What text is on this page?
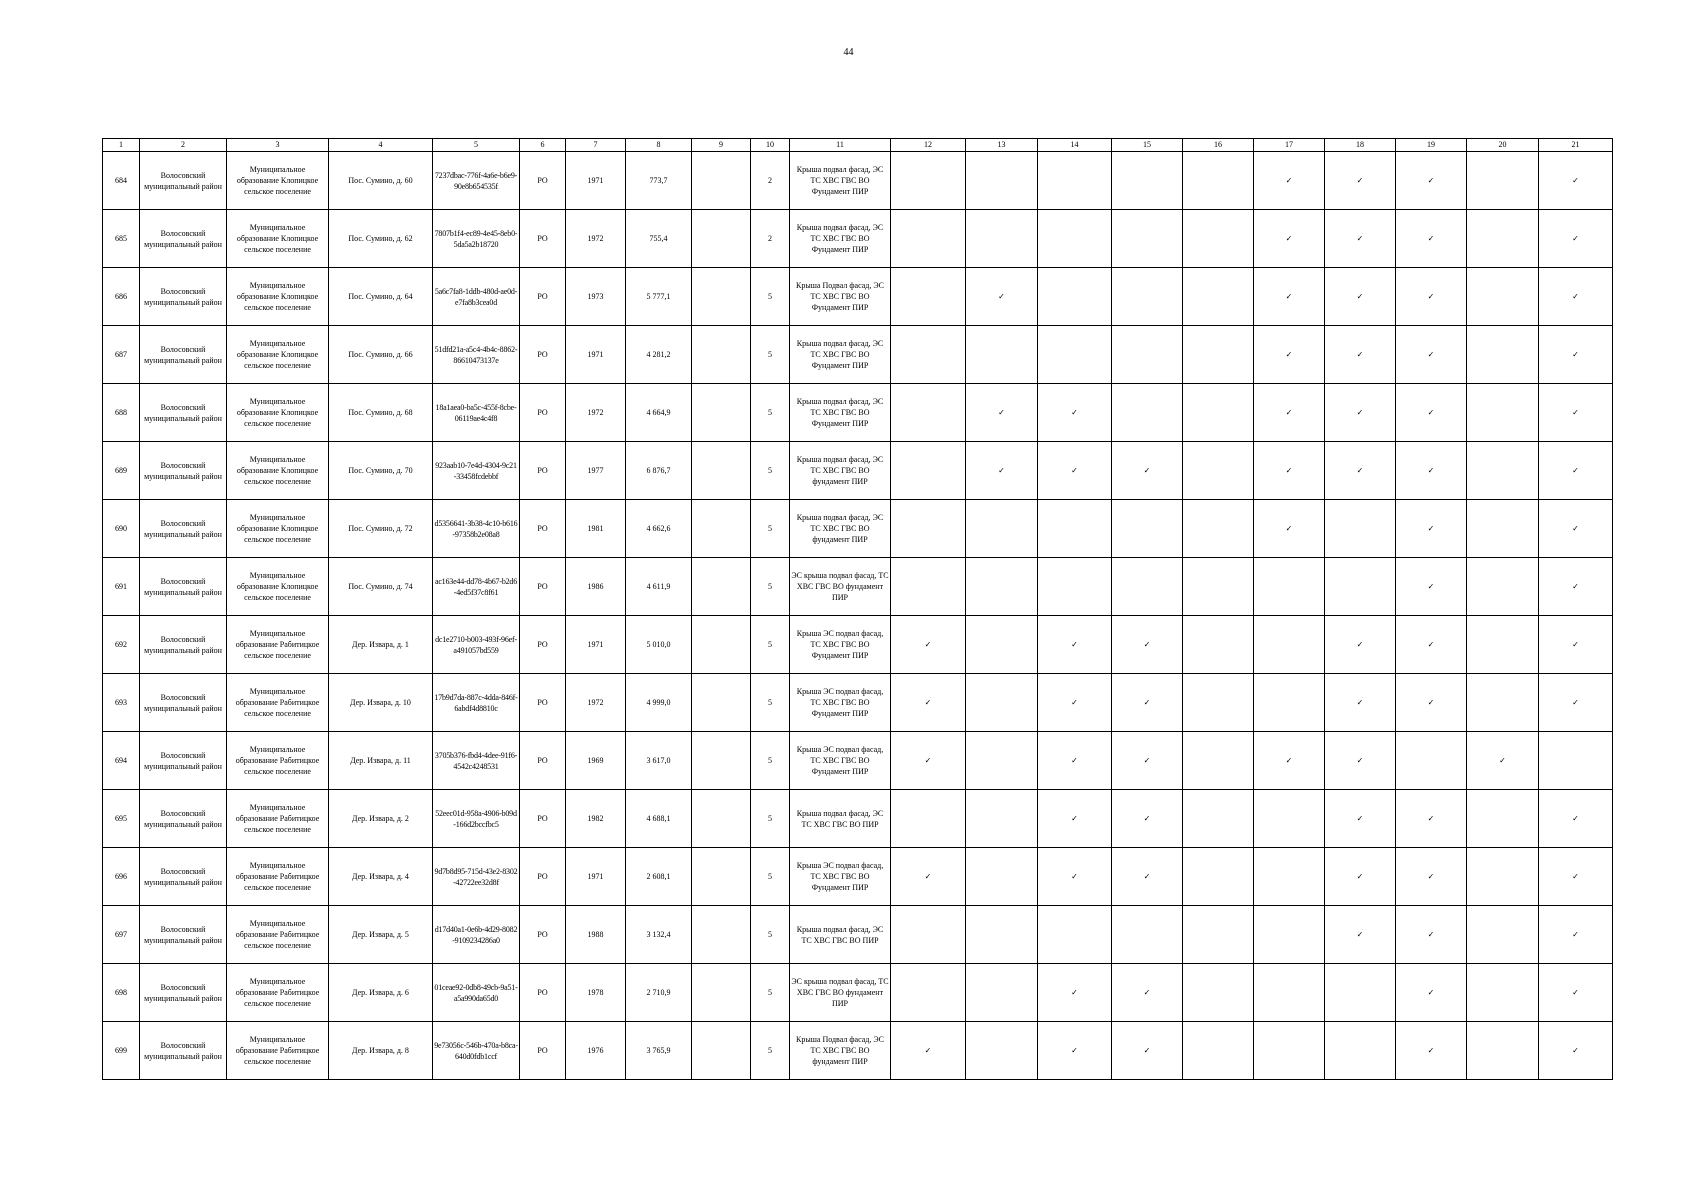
44
1	2	3	4	5	6	7	8	9	10	11	12	13	14	15	16	17	18	19	20	21
684	Волосовский муниципальный район	Муниципальное образование Клопицкое сельское поселение	Пос. Сумино, д. 60	7237dbac-776f-4a6e-b6e9-90e8b654535f	РО	1971	773,7		2	Крыша подвал фасад, ЭС ТС ХВС ГВС ВО Фундамент ПИР						✓	✓	✓		✓
685	Волосовский муниципальный район	Муниципальное образование Клопицкое сельское поселение	Пос. Сумино, д. 62	7807b1f4-ec89-4e45-8eb0-5da5a2b18720	РО	1972	755,4		2	Крыша подвал фасад, ЭС ТС ХВС ГВС ВО Фундамент ПИР						✓	✓	✓		✓
686	Волосовский муниципальный район	Муниципальное образование Клопицкое сельское поселение	Пос. Сумино, д. 64	5a6c7fa8-1ddb-480d-ae0d-e7fa8b3cea0d	РО	1973	5 777,1		5	Крыша Подвал фасад, ЭС ТС ХВС ГВС ВО Фундамент ПИР		✓				✓	✓	✓		✓
687	Волосовский муниципальный район	Муниципальное образование Клопицкое сельское поселение	Пос. Сумино, д. 66	51dfd21a-a5c4-4b4c-8862-86610473137e	РО	1971	4 281,2		5	Крыша подвал фасад, ЭС ТС ХВС ГВС ВО Фундамент ПИР						✓	✓	✓		✓
688	Волосовский муниципальный район	Муниципальное образование Клопицкое сельское поселение	Пос. Сумино, д. 68	18a1aea0-ba5c-455f-8cbe-06119ae4c4f8	РО	1972	4 664,9		5	Крыша подвал фасад, ЭС ТС ХВС ГВС ВО Фундамент ПИР		✓	✓			✓	✓	✓		✓
689	Волосовский муниципальный район	Муниципальное образование Клопицкое сельское поселение	Пос. Сумино, д. 70	923aab10-7e4d-4304-9c21-33458fcdebbf	РО	1977	6 876,7		5	Крыша подвал фасад, ЭС ТС ХВС ГВС ВО фундамент ПИР		✓	✓	✓		✓	✓	✓		✓
690	Волосовский муниципальный район	Муниципальное образование Клопицкое сельское поселение	Пос. Сумино, д. 72	d5356641-3b38-4c10-b616-97358b2e08a8	РО	1981	4 662,6		5	Крыша подвал фасад, ЭС ТС ХВС ГВС ВО фундамент ПИР						✓		✓		✓
691	Волосовский муниципальный район	Муниципальное образование Клопицкое сельское поселение	Пос. Сумино, д. 74	ac163e44-dd78-4b67-b2d6-4ed5f37c8f61	РО	1986	4 611,9		5	ЭС крыша подвал фасад, ТС ХВС ГВС ВО фундамент ПИР								✓		✓
692	Волосовский муниципальный район	Муниципальное образование Рабитицкое сельское поселение	Дер. Извара, д. 1	dc1e2710-b003-493f-96ef-a491057bd559	РО	1971	5 010,0		5	Крыша ЭС подвал фасад, ТС ХВС ГВС ВО Фундамент ПИР	✓		✓	✓			✓	✓		✓
693	Волосовский муниципальный район	Муниципальное образование Рабитицкое сельское поселение	Дер. Извара, д. 10	17b9d7da-887c-4dda-846f-6abdf4d8810c	РО	1972	4 999,0		5	Крыша ЭС подвал фасад, ТС ХВС ГВС ВО Фундамент ПИР	✓		✓	✓			✓	✓		✓
694	Волосовский муниципальный район	Муниципальное образование Рабитицкое сельское поселение	Дер. Извара, д. 11	3705b376-fbd4-4dee-91f6-4542c4248531	РО	1969	3 617,0		5	Крыша ЭС подвал фасад, ТС ХВС ГВС ВО Фундамент ПИР	✓		✓	✓		✓	✓		✓	
695	Волосовский муниципальный район	Муниципальное образование Рабитицкое сельское поселение	Дер. Извара, д. 2	52eec01d-958a-4906-b09d-166d2bccfbc5	РО	1982	4 688,1		5	Крыша подвал фасад, ЭС ТС ХВС ГВС ВО ПИР			✓	✓			✓	✓		✓
696	Волосовский муниципальный район	Муниципальное образование Рабитицкое сельское поселение	Дер. Извара, д. 4	9d7b8d95-715d-43e2-8302-42722ee32d8f	РО	1971	2 608,1		5	Крыша ЭС подвал фасад, ТС ХВС ГВС ВО Фундамент ПИР	✓		✓	✓			✓	✓		✓
697	Волосовский муниципальный район	Муниципальное образование Рабитицкое сельское поселение	Дер. Извара, д. 5	d17d40a1-0e6b-4d29-8082-9109234286a0	РО	1988	3 132,4		5	Крыша подвал фасад, ЭС ТС ХВС ГВС ВО ПИР							✓	✓		✓
698	Волосовский муниципальный район	Муниципальное образование Рабитицкое сельское поселение	Дер. Извара, д. 6	01ceae92-0db8-49cb-9a51-a5a990da65d0	РО	1978	2 710,9		5	ЭС крыша подвал фасад, ТС ХВС ГВС ВО фундамент ПИР			✓	✓				✓		✓
699	Волосовский муниципальный район	Муниципальное образование Рабитицкое сельское поселение	Дер. Извара, д. 8	9e73056c-546b-470a-b8ca-640d0fdb1ccf	РО	1976	3 765,9		5	Крыша Подвал фасад, ЭС ТС ХВС ГВС ВО фундамент ПИР	✓		✓	✓				✓		✓
